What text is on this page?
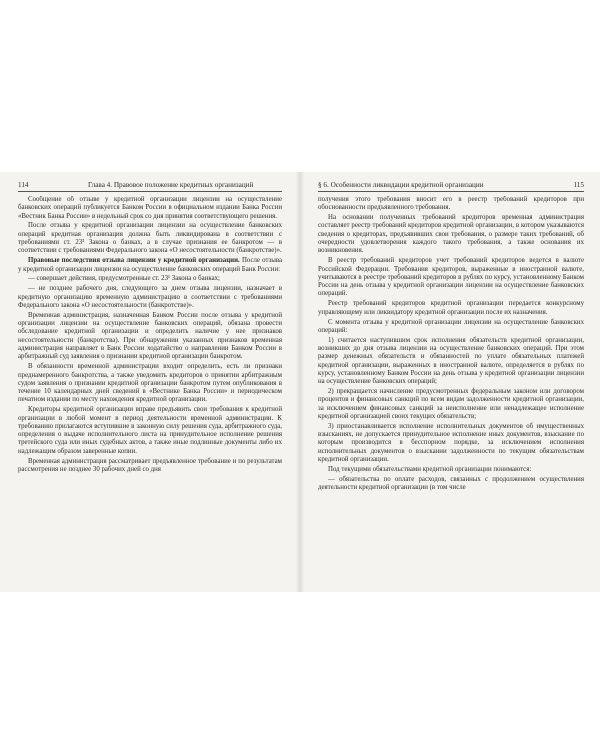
114	Глава 4. Правовое положение кредитных организаций

Сообщение об отзыве у кредитной организации лицензии на осуществление банковских операций публикуется Банком России в официальном издании Банка России «Вестник Банка России» в недельный срок со дня принятия соответствующего решения.

После отзыва у кредитной организации лицензии на осуществление банковских операций кредитная организация должна быть ликвидирована в соответствии с требованиями ст. 23³ Закона о банках, а в случае признания ее банкротом — в соответствии с требованиями Федерального закона «О несостоятельности (банкротстве)».

Правовые последствия отзыва лицензии у кредитной организации. После отзыва у кредитной организации лицензии на осуществление банковских операций Банк России:

— совершает действия, предусмотренные ст. 23¹ Закона о банках;

— не позднее рабочего дня, следующего за днем отзыва лицензии, назначает в кредитную организацию временную администрацию в соответствии с требованиями Федерального закона «О несостоятельности (банкротстве)».

Временная администрация, назначенная Банком России после отзыва у кредитной организации лицензии на осуществление банковских операций, обязана провести обследование кредитной организации и определить наличие у нее признаков несостоятельности (банкротства). При обнаружении указанных признаков временная администрация направляет в Банк России ходатайство о направлении Банком России в арбитражный суд заявления о признании кредитной организации банкротом.

В обязанности временной администрации входит определить, есть ли признаки преднамеренного банкротства, а также уведомить кредиторов о принятии арбитражным судом заявления о признании кредитной организации банкротом путем опубликования в течение 10 календарных дней сведений в «Вестнике Банка России» и периодическом печатном издании по месту нахождения кредитной организации.

Кредиторы кредитной организации вправе предъявить свои требования к кредитной организации в любой момент в период деятельности временной администрации. К требованию прилагаются вступившие в законную силу решения суда, арбитражного суда, определения о выдаче исполнительного листа на принудительное исполнение решения третейского суда или иных судебных актов, а также иные подлинные документы либо их надлежащим образом заверенные копии.

Временная администрация рассматривает предъявленное требование и по результатам рассмотрения не позднее 30 рабочих дней со дня

§ 6. Особенности ликвидации кредитной организации	115

получения этого требования вносит его в реестр требований кредиторов при обоснованности предъявленного требования.

На основании полученных требований кредиторов временная администрация составляет реестр требований кредиторов кредитной организации, в котором указываются сведения о кредиторах, предъявивших свои требования, о размере таких требований, об очередности удовлетворения каждого такого требования, а также основания их возникновения.

В реестр требований кредиторов учет требований кредиторов ведется в валюте Российской Федерации. Требования кредиторов, выраженные в иностранной валюте, учитываются в реестре требований кредиторов в рублях по курсу, установленному Банком России на день отзыва у кредитной организации лицензии на осуществление банковских операций.

Реестр требований кредиторов кредитной организации передается конкурсному управляющему или ликвидатору кредитной организации после их назначения.

С момента отзыва у кредитной организации лицензии на осуществление банковских операций:

1) считается наступившим срок исполнения обязательств кредитной организации, возникших до дня отзыва лицензии на осуществление банковских операций. При этом размер денежных обязательств и обязанностей по уплате обязательных платежей кредитной организации, выраженных в иностранной валюте, определяется в рублях по курсу, установленному Банком России на день отзыва у кредитной организации лицензии на осуществление банковских операций;

2) прекращается начисление предусмотренных федеральным законом или договором процентов и финансовых санкций по всем видам задолженности кредитной организации, за исключением финансовых санкций за неисполнение или ненадлежащее исполнение кредитной организацией своих текущих обязательств;

3) приостанавливается исполнение исполнительных документов об имущественных взысканиях, не допускается принудительное исполнение иных документов, взыскание по которым производится в бесспорном порядке, за исключением исполнения исполнительных документов о взыскании задолженности по текущим обязательствам кредитной организации.

Под текущими обязательствами кредитной организации понимаются:

— обязательства по оплате расходов, связанных с продолжением осуществления деятельности кредитной организации (в том числе
